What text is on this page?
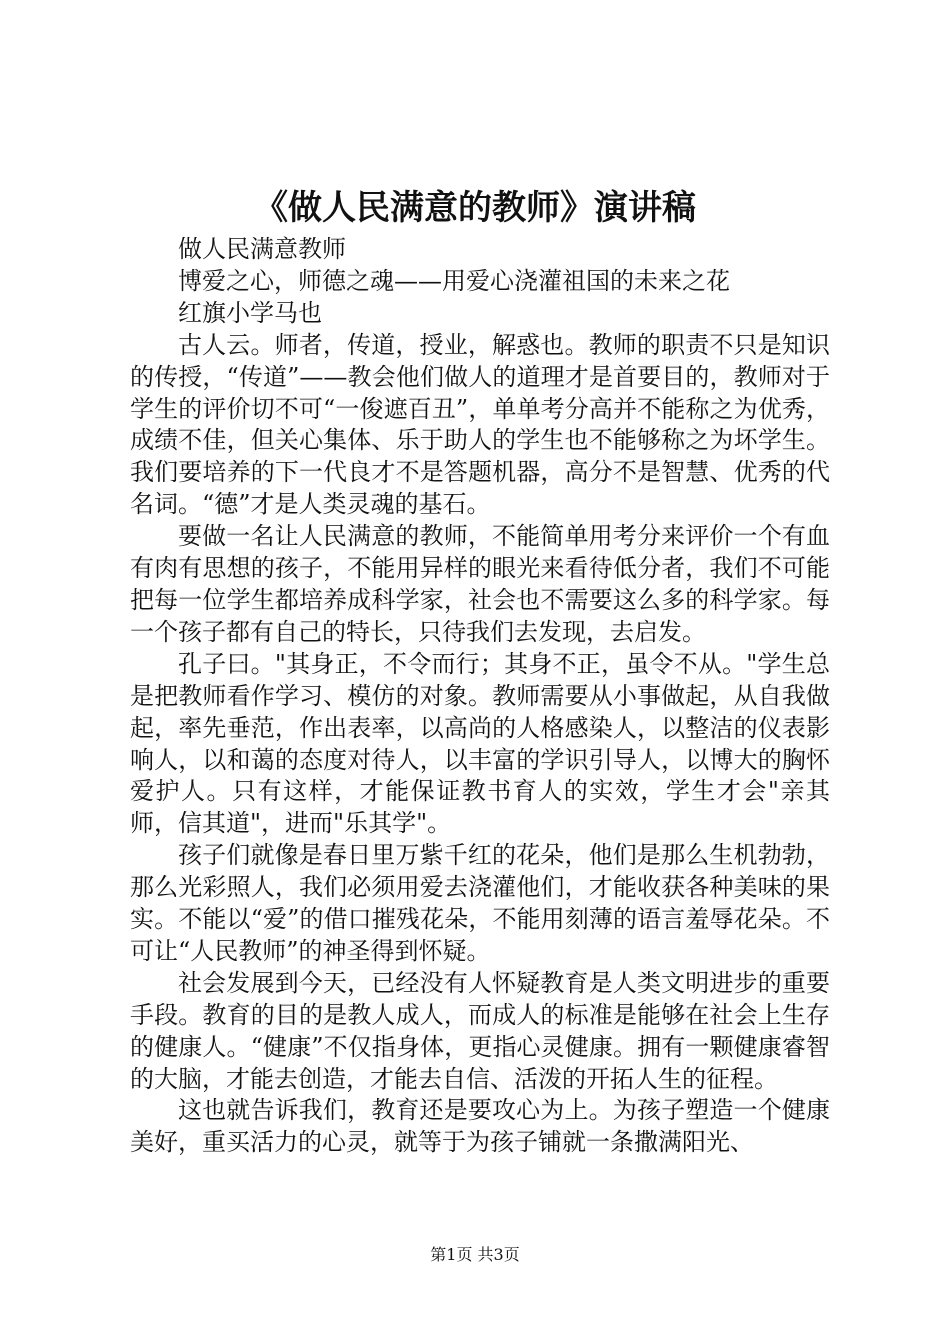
《做人民满意的教师》演讲稿

做人民满意教师

博爱之心，师德之魂——用爱心浇灌祖国的未来之花

红旗小学马也

古人云。师者，传道，授业，解惑也。教师的职责不只是知识的传授，“传道”——教会他们做人的道理才是首要目的，教师对于学生的评价切不可“一俊遮百丑”，单单考分高并不能称之为优秀，成绩不佳，但关心集体、乐于助人的学生也不能够称之为坏学生。我们要培养的下一代良才不是答题机器，高分不是智慧、优秀的代名词。“德”才是人类灵魂的基石。

要做一名让人民满意的教师，不能简单用考分来评价一个有血有肉有思想的孩子，不能用异样的眼光来看待低分者，我们不可能把每一位学生都培养成科学家，社会也不需要这么多的科学家。每一个孩子都有自己的特长，只待我们去发现，去启发。

孔子曰。"其身正，不令而行；其身不正，虽令不从。"学生总是把教师看作学习、模仿的对象。教师需要从小事做起，从自我做起，率先垂范，作出表率，以高尚的人格感染人，以整洁的仪表影响人，以和蔼的态度对待人，以丰富的学识引导人，以博大的胸怀爱护人。只有这样，才能保证教书育人的实效，学生才会"亲其师，信其道"，进而"乐其学"。

孩子们就像是春日里万紫千红的花朵，他们是那么生机勃勃，那么光彩照人，我们必须用爱去浇灌他们，才能收获各种美味的果实。不能以“爱”的借口摧残花朵，不能用刻薄的语言羞辱花朵。不可让“人民教师”的神圣得到怀疑。

社会发展到今天，已经没有人怀疑教育是人类文明进步的重要手段。教育的目的是教人成人，而成人的标准是能够在社会上生存的健康人。“健康”不仅指身体，更指心灵健康。拥有一颗健康睿智的大脑，才能去创造，才能去自信、活泼的开拓人生的征程。

这也就告诉我们，教育还是要攻心为上。为孩子塑造一个健康美好，重买活力的心灵，就等于为孩子铺就一条撒满阳光、

第1页 共3页
